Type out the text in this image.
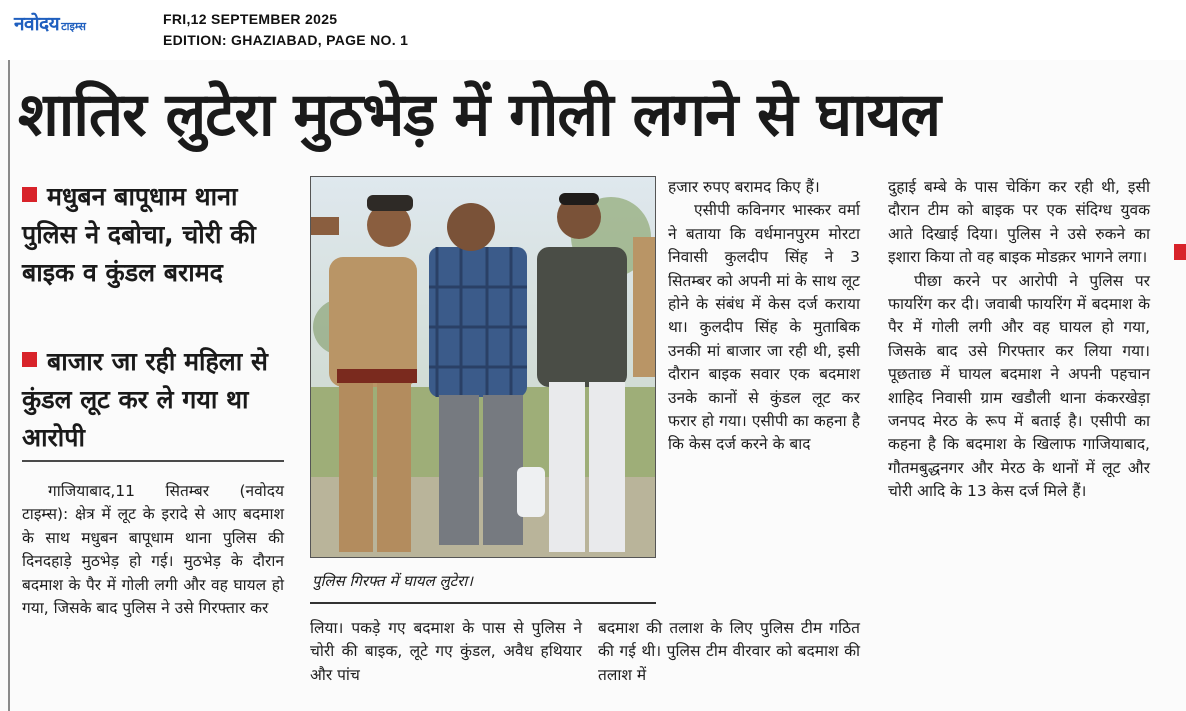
नवोदय टाइम्स	FRI,12 SEPTEMBER 2025
EDITION: GHAZIABAD, PAGE NO. 1
शातिर लुटेरा मुठभेड़ में गोली लगने से घायल
मधुबन बापूधाम थाना पुलिस ने दबोचा, चोरी की बाइक व कुंडल बरामद
बाजार जा रही महिला से कुंडल लूट कर ले गया था आरोपी

गाजियाबाद,11 सितम्बर (नवोदय टाइम्स): क्षेत्र में लूट के इरादे से आए बदमाश के साथ मधुबन बापूधाम थाना पुलिस की दिनदहाड़े मुठभेड़ हो गई। मुठभेड़ के दौरान बदमाश के पैर में गोली लगी और वह घायल हो गया, जिसके बाद पुलिस ने उसे गिरफ्तार कर

पुलिस गिरफ्त में घायल लुटेरा।
हजार रुपए बरामद किए हैं।

एसीपी कविनगर भास्कर वर्मा ने बताया कि वर्धमानपुरम मोरटा निवासी कुलदीप सिंह ने 3 सितम्बर को अपनी मां के साथ लूट होने के संबंध में केस दर्ज कराया था। कुलदीप सिंह के मुताबिक उनकी मां बाजार जा रही थी, इसी दौरान बाइक सवार एक बदमाश उनके कानों से कुंडल लूट कर फरार हो गया। एसीपी का कहना है कि केस दर्ज करने के बाद

लिया। पकड़े गए बदमाश के पास से पुलिस ने चोरी की बाइक, लूटे गए कुंडल, अवैध हथियार और पांच
बदमाश की तलाश के लिए पुलिस टीम गठित की गई थी। पुलिस टीम वीरवार को बदमाश की तलाश में
दुहाई बम्बे के पास चेकिंग कर रही थी, इसी दौरान टीम को बाइक पर एक संदिग्ध युवक आते दिखाई दिया। पुलिस ने उसे रुकने का इशारा किया तो वह बाइक मोडक़र भागने लगा।

पीछा करने पर आरोपी ने पुलिस पर फायरिंग कर दी। जवाबी फायरिंग में बदमाश के पैर में गोली लगी और वह घायल हो गया, जिसके बाद उसे गिरफ्तार कर लिया गया। पूछताछ में घायल बदमाश ने अपनी पहचान शाहिद निवासी ग्राम खडौली थाना कंकरखेड़ा जनपद मेरठ के रूप में बताई है। एसीपी का कहना है कि बदमाश के खिलाफ गाजियाबाद, गौतमबुद्धनगर और मेरठ के थानों में लूट और चोरी आदि के 13 केस दर्ज मिले हैं।
